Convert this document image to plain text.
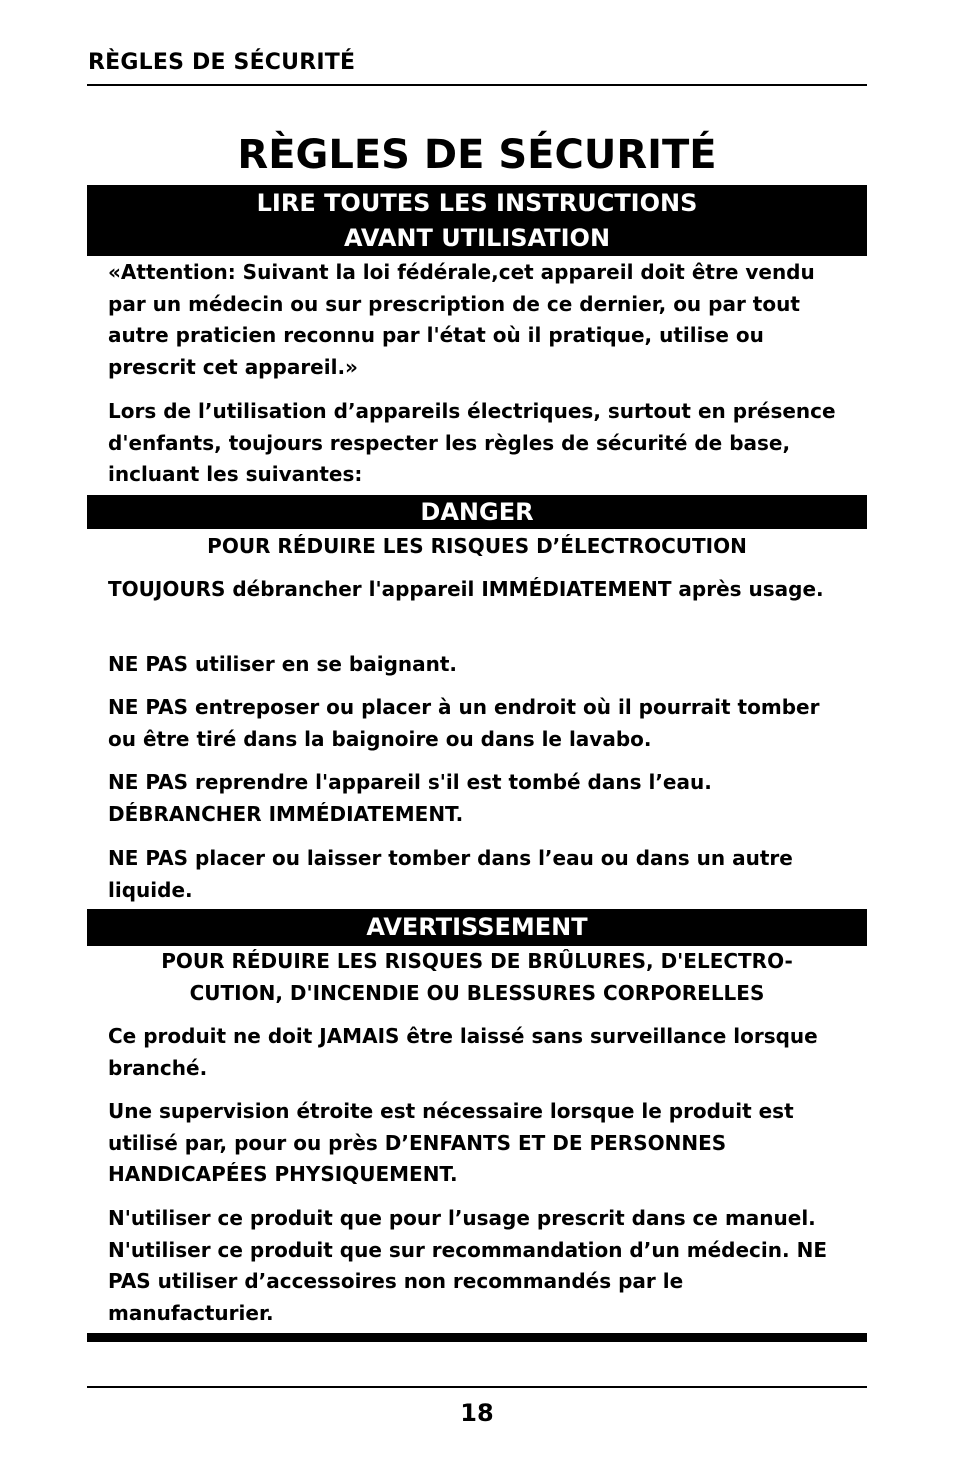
RÈGLES DE SÉCURITÉ
RÈGLES DE SÉCURITÉ
LIRE TOUTES LES INSTRUCTIONS
AVANT UTILISATION
«Attention: Suivant la loi fédérale,cet appareil doit être vendu par un médecin ou sur prescription de ce dernier, ou par tout autre praticien reconnu par l'état où il pratique, utilise ou prescrit cet appareil.»
Lors de l’utilisation d’appareils électriques, surtout en présence d'enfants, toujours respecter les règles de sécurité de base, incluant les suivantes:
DANGER
POUR RÉDUIRE LES RISQUES D’ÉLECTROCUTION
TOUJOURS débrancher l'appareil IMMÉDIATEMENT après usage.
NE PAS utiliser en se baignant.
NE PAS entreposer ou placer à un endroit où il pourrait tomber ou être tiré dans la baignoire ou dans le lavabo.
NE PAS reprendre l'appareil s'il est tombé dans l’eau.
DÉBRANCHER IMMÉDIATEMENT.
NE PAS placer ou laisser tomber dans l’eau ou dans un autre liquide.
AVERTISSEMENT
POUR RÉDUIRE LES RISQUES DE BRÛLURES, D'ELECTRO-
CUTION, D'INCENDIE OU BLESSURES CORPORELLES
Ce produit ne doit JAMAIS être laissé sans surveillance lorsque branché.
Une supervision étroite est nécessaire lorsque le produit est utilisé par, pour ou près D’ENFANTS ET DE PERSONNES HANDICAPÉES PHYSIQUEMENT.
N'utiliser ce produit que pour l’usage prescrit dans ce manuel. N'utiliser ce produit que sur recommandation d’un médecin. NE PAS utiliser d’accessoires non recommandés par le manufacturier.
18
